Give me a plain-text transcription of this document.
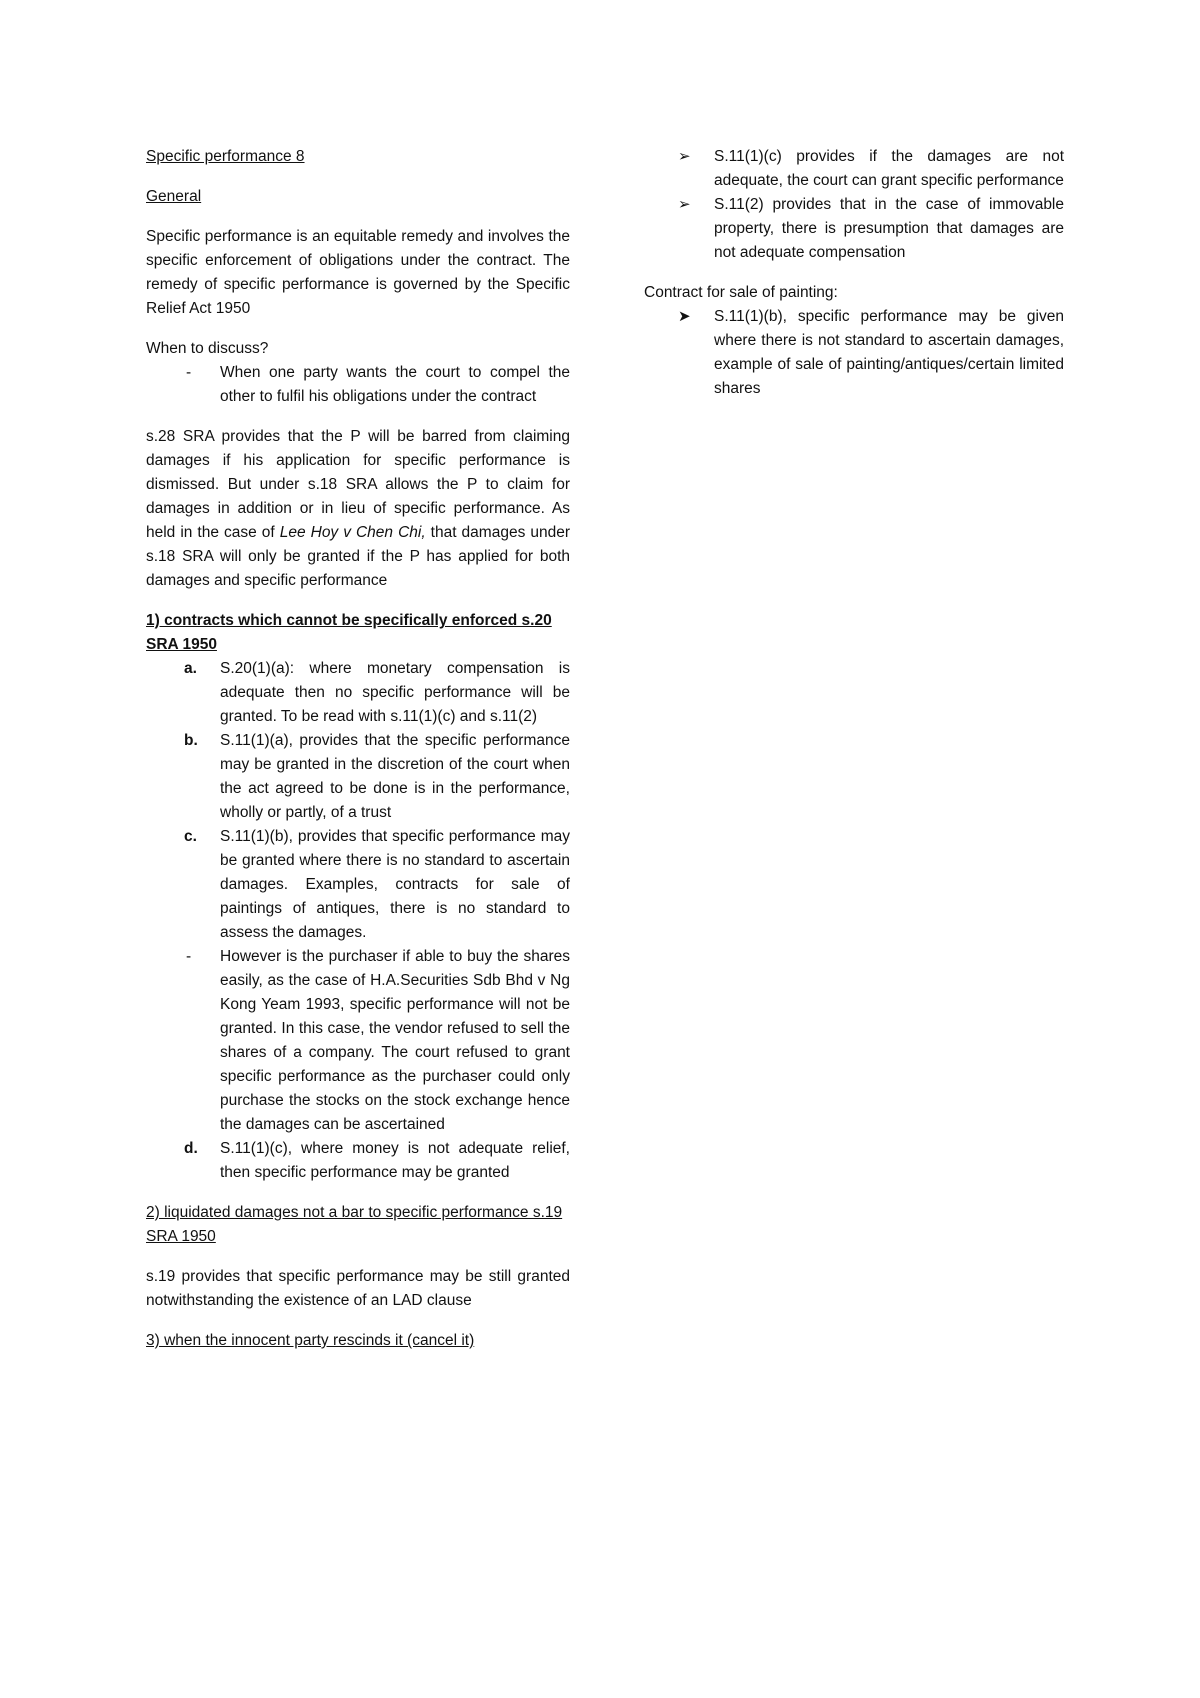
Specific performance 8

General

Specific performance is an equitable remedy and involves the specific enforcement of obligations under the contract. The remedy of specific performance is governed by the Specific Relief Act 1950

When to discuss?

- When one party wants the court to compel the other to fulfil his obligations under the contract

s.28 SRA provides that the P will be barred from claiming damages if his application for specific performance is dismissed. But under s.18 SRA allows the P to claim for damages in addition or in lieu of specific performance. As held in the case of Lee Hoy v Chen Chi, that damages under s.18 SRA will only be granted if the P has applied for both damages and specific performance

1) contracts which cannot be specifically enforced s.20 SRA 1950

a. S.20(1)(a): where monetary compensation is adequate then no specific performance will be granted. To be read with s.11(1)(c) and s.11(2)
b. S.11(1)(a), provides that the specific performance may be granted in the discretion of the court when the act agreed to be done is in the performance, wholly or partly, of a trust
c. S.11(1)(b), provides that specific performance may be granted where there is no standard to ascertain damages. Examples, contracts for sale of paintings of antiques, there is no standard to assess the damages.
- However is the purchaser if able to buy the shares easily, as the case of H.A.Securities Sdb Bhd v Ng Kong Yeam 1993, specific performance will not be granted. In this case, the vendor refused to sell the shares of a company. The court refused to grant specific performance as the purchaser could only purchase the stocks on the stock exchange hence the damages can be ascertained
d. S.11(1)(c), where money is not adequate relief, then specific performance may be granted

2) liquidated damages not a bar to specific performance s.19 SRA 1950

s.19 provides that specific performance may be still granted notwithstanding the existence of an LAD clause

3) when the innocent party rescinds it (cancel it)

➢ S.11(1)(c) provides if the damages are not adequate, the court can grant specific performance
➢ S.11(2) provides that in the case of immovable property, there is presumption that damages are not adequate compensation

Contract for sale of painting:

➤ S.11(1)(b), specific performance may be given where there is not standard to ascertain damages, example of sale of painting/antiques/certain limited shares
